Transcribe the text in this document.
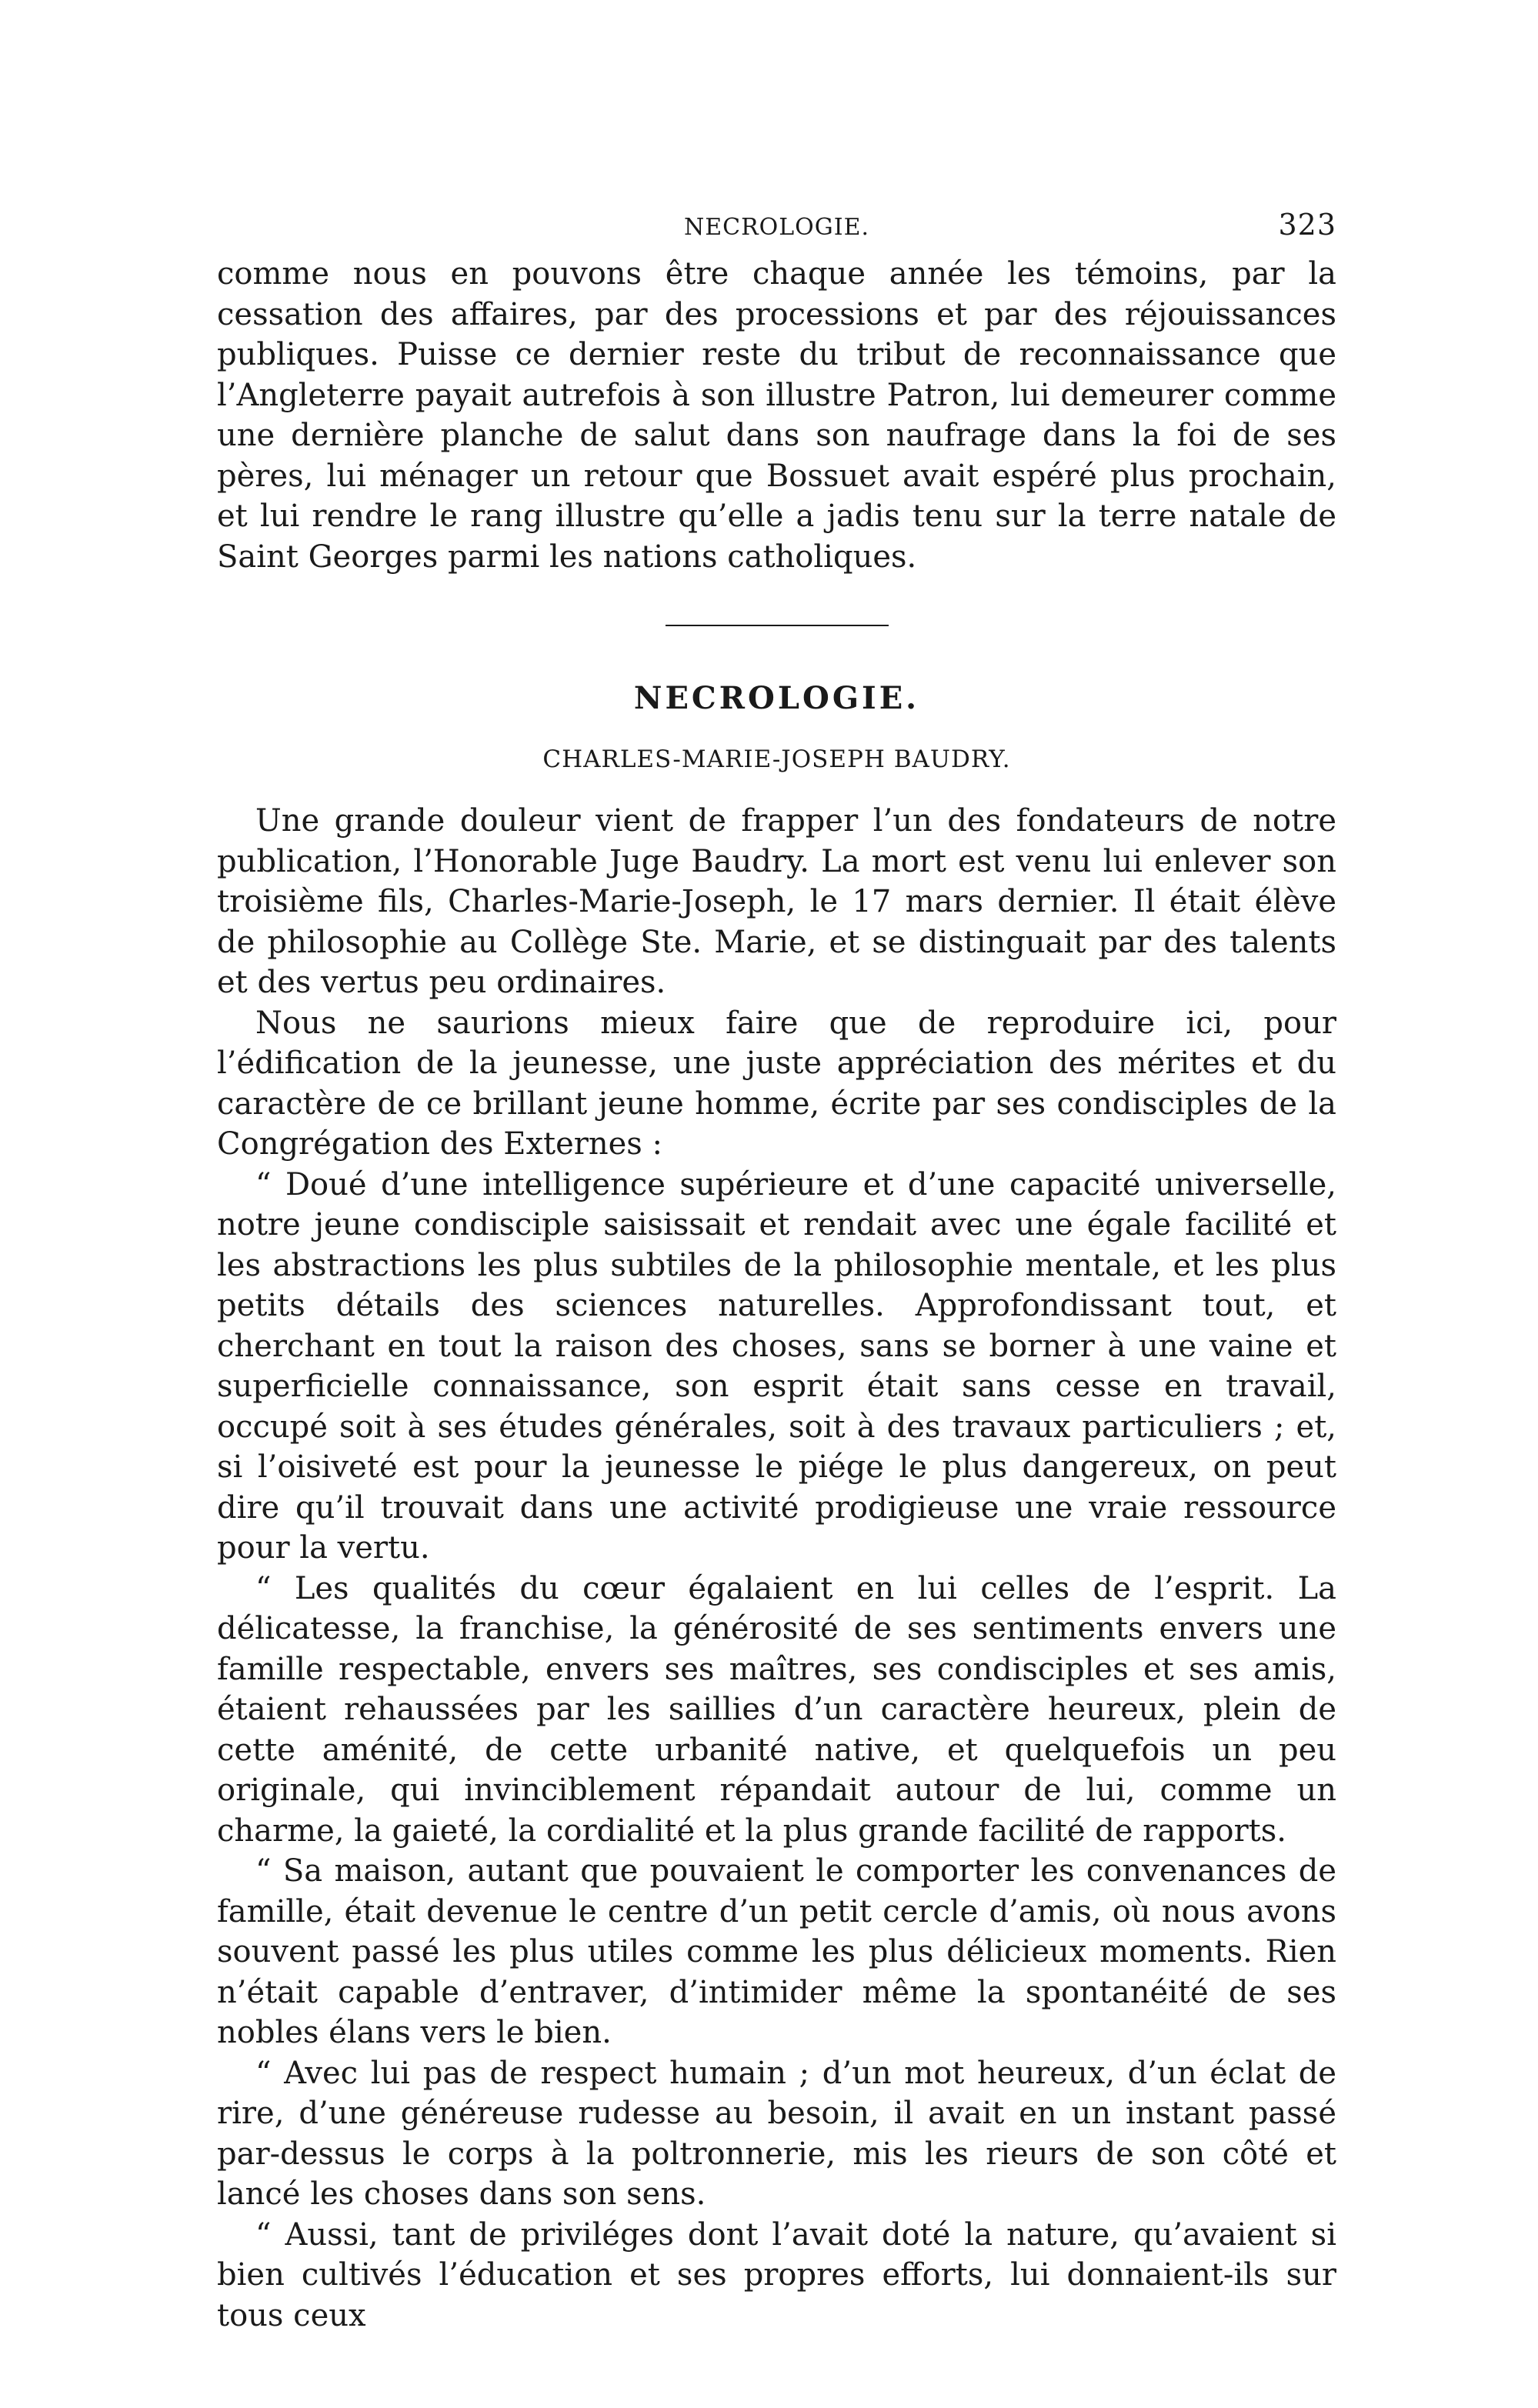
NECROLOGIE.	323

comme nous en pouvons être chaque année les témoins, par la cessation des affaires, par des processions et par des réjouissances publiques. Puisse ce dernier reste du tribut de reconnaissance que l’Angleterre payait autrefois à son illustre Patron, lui demeurer comme une dernière planche de salut dans son naufrage dans la foi de ses pères, lui ménager un retour que Bossuet avait espéré plus prochain, et lui rendre le rang illustre qu’elle a jadis tenu sur la terre natale de Saint Georges parmi les nations catholiques.

NECROLOGIE.
CHARLES-MARIE-JOSEPH BAUDRY.

Une grande douleur vient de frapper l’un des fondateurs de notre publication, l’Honorable Juge Baudry. La mort est venu lui enlever son troisième fils, Charles-Marie-Joseph, le 17 mars dernier. Il était élève de philosophie au Collège Ste. Marie, et se distinguait par des talents et des vertus peu ordinaires.

Nous ne saurions mieux faire que de reproduire ici, pour l’édification de la jeunesse, une juste appréciation des mérites et du caractère de ce brillant jeune homme, écrite par ses condisciples de la Congrégation des Externes :

“ Doué d’une intelligence supérieure et d’une capacité universelle, notre jeune condisciple saisissait et rendait avec une égale facilité et les abstractions les plus subtiles de la philosophie mentale, et les plus petits détails des sciences naturelles. Approfondissant tout, et cherchant en tout la raison des choses, sans se borner à une vaine et superficielle connaissance, son esprit était sans cesse en travail, occupé soit à ses études générales, soit à des travaux particuliers ; et, si l’oisiveté est pour la jeunesse le piége le plus dangereux, on peut dire qu’il trouvait dans une activité prodigieuse une vraie ressource pour la vertu.

“ Les qualités du cœur égalaient en lui celles de l’esprit. La délicatesse, la franchise, la générosité de ses sentiments envers une famille respectable, envers ses maîtres, ses condisciples et ses amis, étaient rehaussées par les saillies d’un caractère heureux, plein de cette aménité, de cette urbanité native, et quelquefois un peu originale, qui invinciblement répandait autour de lui, comme un charme, la gaieté, la cordialité et la plus grande facilité de rapports.

“ Sa maison, autant que pouvaient le comporter les convenances de famille, était devenue le centre d’un petit cercle d’amis, où nous avons souvent passé les plus utiles comme les plus délicieux moments. Rien n’était capable d’entraver, d’intimider même la spontanéité de ses nobles élans vers le bien.

“ Avec lui pas de respect humain ; d’un mot heureux, d’un éclat de rire, d’une généreuse rudesse au besoin, il avait en un instant passé par-dessus le corps à la poltronnerie, mis les rieurs de son côté et lancé les choses dans son sens.

“ Aussi, tant de priviléges dont l’avait doté la nature, qu’avaient si bien cultivés l’éducation et ses propres efforts, lui donnaient-ils sur tous ceux
